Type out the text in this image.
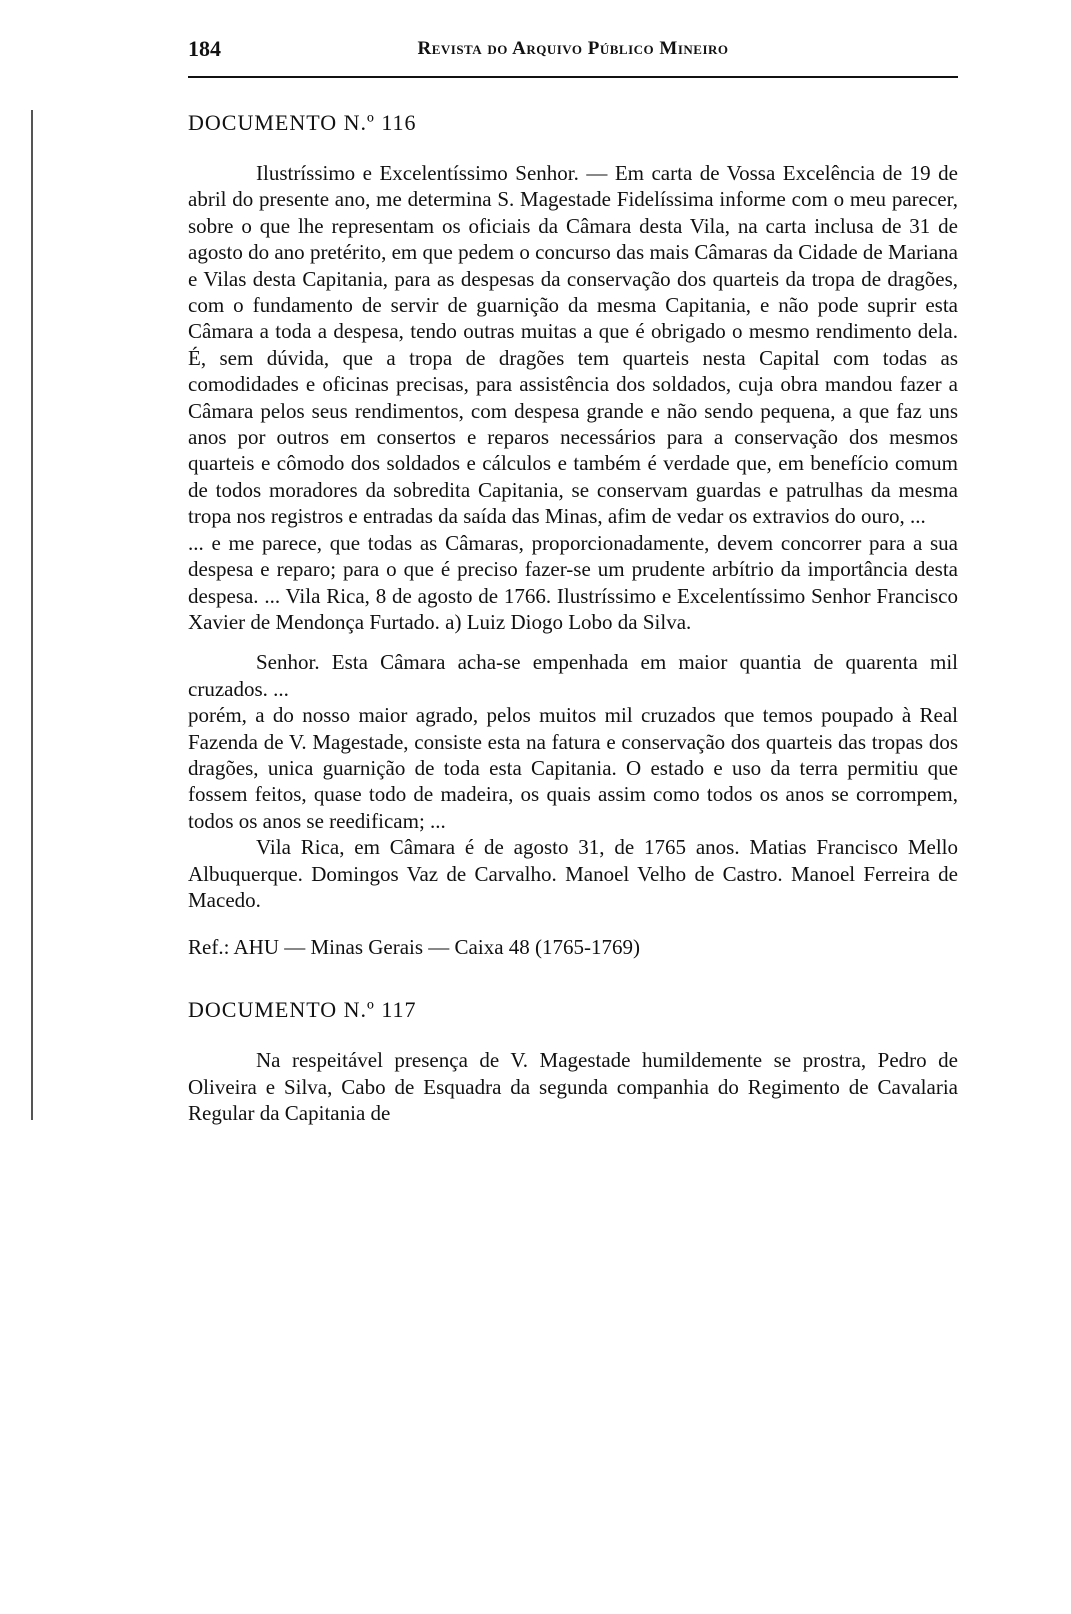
184	Revista do Arquivo Público Mineiro
DOCUMENTO N.º 116

Ilustríssimo e Excelentíssimo Senhor. — Em carta de Vossa Excelência de 19 de abril do presente ano, me determina S. Magestade Fidelíssima informe com o meu parecer, sobre o que lhe representam os oficiais da Câmara desta Vila, na carta inclusa de 31 de agosto do ano pretérito, em que pedem o concurso das mais Câmaras da Cidade de Mariana e Vilas desta Capitania, para as despesas da conservação dos quarteis da tropa de dragões, com o fundamento de servir de guarnição da mesma Capitania, e não pode suprir esta Câmara a toda a despesa, tendo outras muitas a que é obrigado o mesmo rendimento dela. É, sem dúvida, que a tropa de dragões tem quarteis nesta Capital com todas as comodidades e oficinas precisas, para assistência dos soldados, cuja obra mandou fazer a Câmara pelos seus rendimentos, com despesa grande e não sendo pequena, a que faz uns anos por outros em consertos e reparos necessários para a conservação dos mesmos quarteis e cômodo dos soldados e cálculos e também é verdade que, em benefício comum de todos moradores da sobredita Capitania, se conservam guardas e patrulhas da mesma tropa nos registros e entradas da saída das Minas, afim de vedar os extravios do ouro, ...

... e me parece, que todas as Câmaras, proporcionadamente, devem concorrer para a sua despesa e reparo; para o que é preciso fazer-se um prudente arbítrio da importância desta despesa. ... Vila Rica, 8 de agosto de 1766. Ilustríssimo e Excelentíssimo Senhor Francisco Xavier de Mendonça Furtado. a) Luiz Diogo Lobo da Silva.

Senhor. Esta Câmara acha-se empenhada em maior quantia de quarenta mil cruzados. ...

porém, a do nosso maior agrado, pelos muitos mil cruzados que temos poupado à Real Fazenda de V. Magestade, consiste esta na fatura e conservação dos quarteis das tropas dos dragões, unica guarnição de toda esta Capitania. O estado e uso da terra permitiu que fossem feitos, quase todo de madeira, os quais assim como todos os anos se corrompem, todos os anos se reedificam; ...

Vila Rica, em Câmara é de agosto 31, de 1765 anos. Matias Francisco Mello Albuquerque. Domingos Vaz de Carvalho. Manoel Velho de Castro. Manoel Ferreira de Macedo.

Ref.: AHU — Minas Gerais — Caixa 48 (1765-1769)

DOCUMENTO N.º 117

Na respeitável presença de V. Magestade humildemente se prostra, Pedro de Oliveira e Silva, Cabo de Esquadra da segunda companhia do Regimento de Cavalaria Regular da Capitania de
